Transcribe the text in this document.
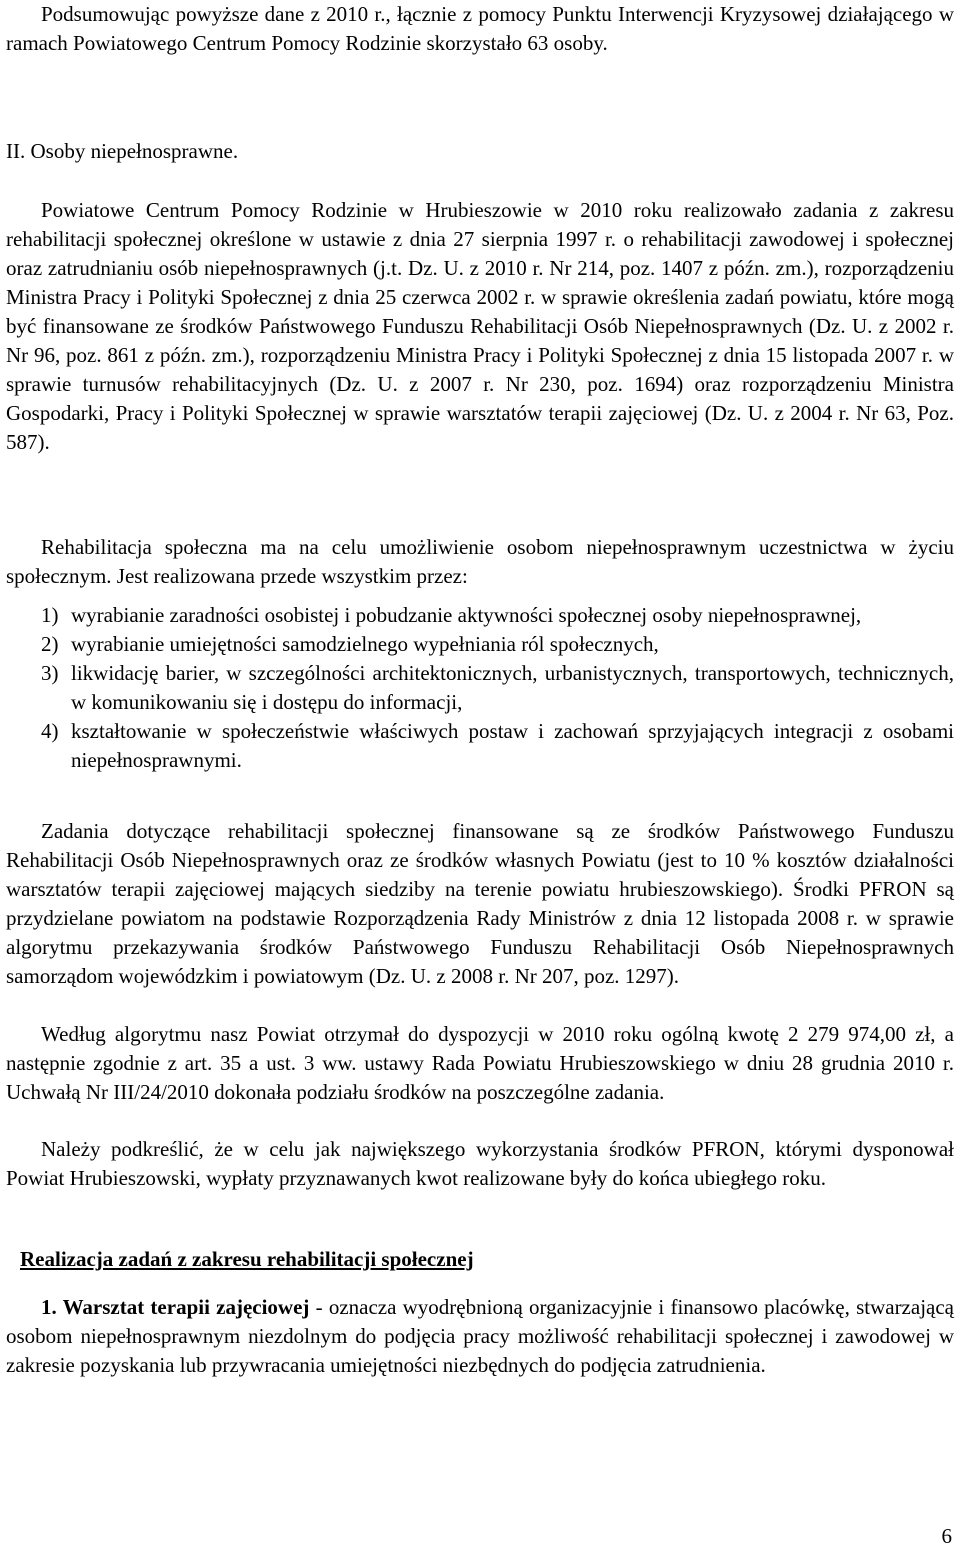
Podsumowując powyższe dane z 2010 r., łącznie z pomocy Punktu Interwencji Kryzysowej działającego w ramach Powiatowego Centrum Pomocy Rodzinie skorzystało 63 osoby.

II. Osoby niepełnosprawne.

Powiatowe Centrum Pomocy Rodzinie w Hrubieszowie w 2010 roku realizowało zadania z zakresu rehabilitacji społecznej określone w ustawie z dnia 27 sierpnia 1997 r. o rehabilitacji zawodowej i społecznej oraz zatrudnianiu osób niepełnosprawnych (j.t. Dz. U. z 2010 r. Nr 214, poz. 1407 z późn. zm.), rozporządzeniu Ministra Pracy i Polityki Społecznej z dnia 25 czerwca 2002 r. w sprawie określenia zadań powiatu, które mogą być finansowane ze środków Państwowego Funduszu Rehabilitacji Osób Niepełnosprawnych (Dz. U. z 2002 r. Nr 96, poz. 861 z późn. zm.), rozporządzeniu Ministra Pracy i Polityki Społecznej z dnia 15 listopada 2007 r. w sprawie turnusów rehabilitacyjnych (Dz. U. z 2007 r. Nr 230, poz. 1694) oraz rozporządzeniu Ministra Gospodarki, Pracy i Polityki Społecznej w sprawie warsztatów terapii zajęciowej (Dz. U. z 2004 r. Nr 63, Poz. 587).

Rehabilitacja społeczna ma na celu umożliwienie osobom niepełnosprawnym uczestnictwa w życiu społecznym. Jest realizowana przede wszystkim przez:

1) wyrabianie zaradności osobistej i pobudzanie aktywności społecznej osoby niepełnosprawnej,
2) wyrabianie umiejętności samodzielnego wypełniania ról społecznych,
3) likwidację barier, w szczególności architektonicznych, urbanistycznych, transportowych, technicznych, w komunikowaniu się i dostępu do informacji,
4) kształtowanie w społeczeństwie właściwych postaw i zachowań sprzyjających integracji z osobami niepełnosprawnymi.

Zadania dotyczące rehabilitacji społecznej finansowane są ze środków Państwowego Funduszu Rehabilitacji Osób Niepełnosprawnych oraz ze środków własnych Powiatu (jest to 10 % kosztów działalności warsztatów terapii zajęciowej mających siedziby na terenie powiatu hrubieszowskiego). Środki PFRON są przydzielane powiatom na podstawie Rozporządzenia Rady Ministrów z dnia 12 listopada 2008 r. w sprawie algorytmu przekazywania środków Państwowego Funduszu Rehabilitacji Osób Niepełnosprawnych samorządom wojewódzkim i powiatowym (Dz. U. z 2008 r. Nr 207, poz. 1297).

Według algorytmu nasz Powiat otrzymał do dyspozycji w 2010 roku ogólną kwotę 2 279 974,00 zł, a następnie zgodnie z art. 35 a ust. 3 ww. ustawy Rada Powiatu Hrubieszowskiego w dniu 28 grudnia 2010 r. Uchwałą Nr III/24/2010 dokonała podziału środków na poszczególne zadania.

Należy podkreślić, że w celu jak największego wykorzystania środków PFRON, którymi dysponował Powiat Hrubieszowski, wypłaty przyznawanych kwot realizowane były do końca ubiegłego roku.

Realizacja zadań z zakresu rehabilitacji społecznej

1. Warsztat terapii zajęciowej - oznacza wyodrębnioną organizacyjnie i finansowo placówkę, stwarzającą osobom niepełnosprawnym niezdolnym do podjęcia pracy możliwość rehabilitacji społecznej i zawodowej w zakresie pozyskania lub przywracania umiejętności niezbędnych do podjęcia zatrudnienia.

6
